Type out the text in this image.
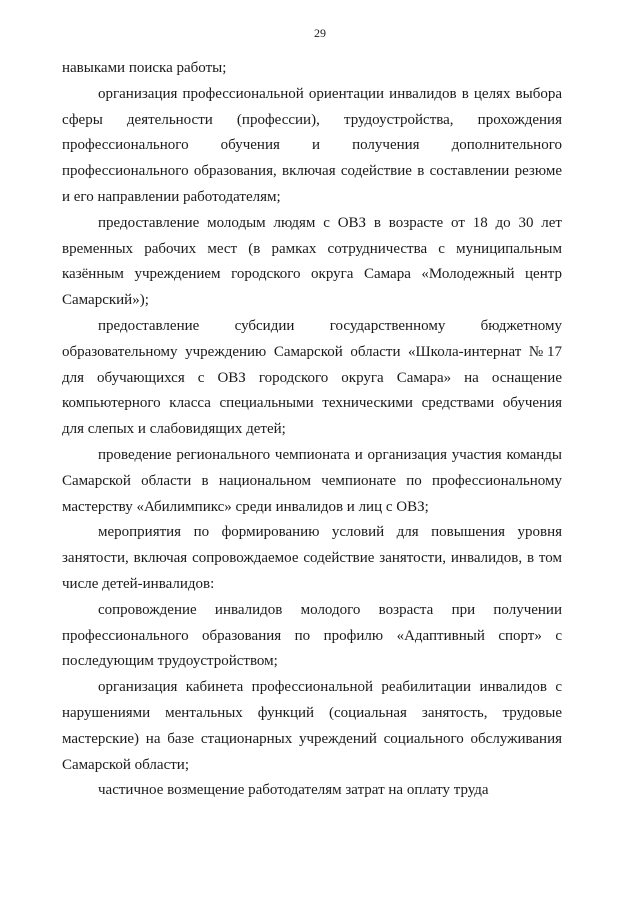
29

навыками поиска работы;

организация профессиональной ориентации инвалидов в целях выбора сферы деятельности (профессии), трудоустройства, прохождения профессионального обучения и получения дополнительного профессионального образования, включая содействие в составлении резюме и его направлении работодателям;

предоставление молодым людям с ОВЗ в возрасте от 18 до 30 лет временных рабочих мест (в рамках сотрудничества с муниципальным казённым учреждением городского округа Самара «Молодежный центр Самарский»);

предоставление субсидии государственному бюджетному образовательному учреждению Самарской области «Школа-интернат №17 для обучающихся с ОВЗ городского округа Самара» на оснащение компьютерного класса специальными техническими средствами обучения для слепых и слабовидящих детей;

проведение регионального чемпионата и организация участия команды Самарской области в национальном чемпионате по профессиональному мастерству «Абилимпикс» среди инвалидов и лиц с ОВЗ;

мероприятия по формированию условий для повышения уровня занятости, включая сопровождаемое содействие занятости, инвалидов, в том числе детей-инвалидов:

сопровождение инвалидов молодого возраста при получении профессионального образования по профилю «Адаптивный спорт» с последующим трудоустройством;

организация кабинета профессиональной реабилитации инвалидов с нарушениями ментальных функций (социальная занятость, трудовые мастерские) на базе стационарных учреждений социального обслуживания Самарской области;

частичное возмещение работодателям затрат на оплату труда
